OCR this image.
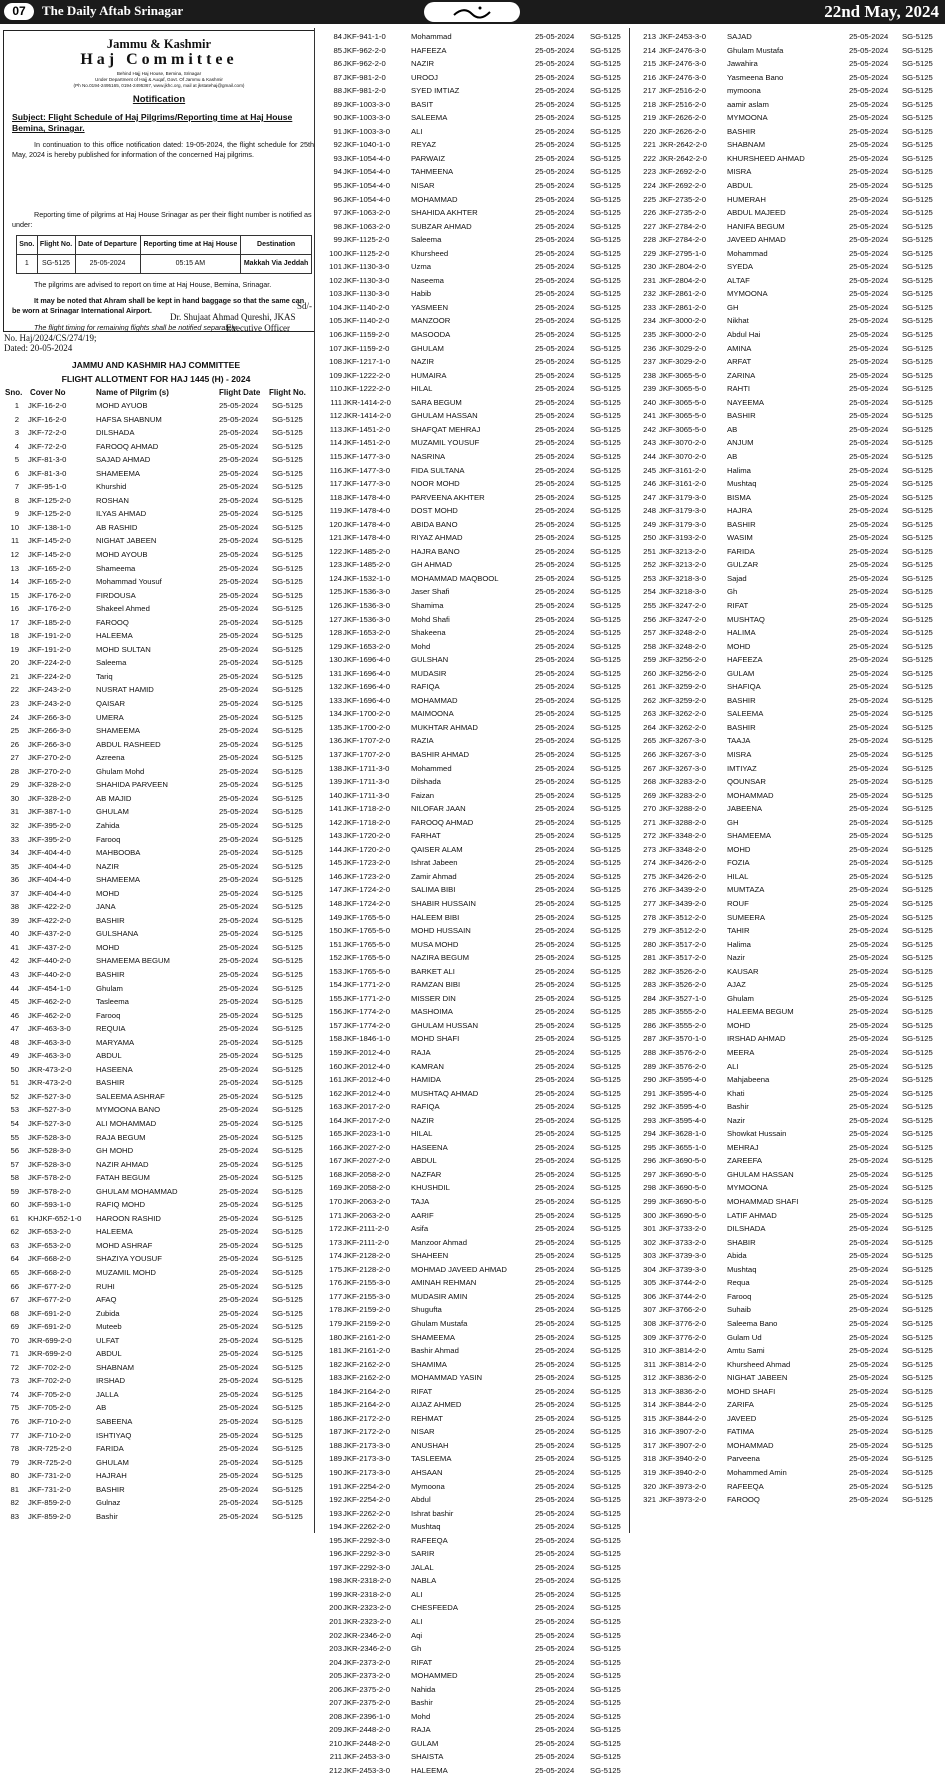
07	The Daily Aftab Srinagar	22nd May, 2024
Jammu & Kashmir
Haj Committee
Behind Hajj Haj House, Bemina, Srinagar
Under Department of Hajj & Auqaf, Govt. Of Jammu & Kashmir
(Ph No.0194-2495165, 0194-2495367, www.jkhc.org, mail at jkstatehaj@gmail.com)
Notification
Subject: Flight Schedule of Haj Pilgrims/Reporting time at Haj House Bemina, Srinagar.
In continuation to this office notification dated: 19-05-2024, the flight schedule for 25th May, 2024 is hereby published for information of the concerned Haj pilgrims.
Reporting time of pilgrims at Haj House Srinagar as per their flight number is notified as under:
Sno.	Flight No.	Date of Departure	Reporting time at Haj House	Destination
1	SG-5125	25-05-2024	05:15 AM	Makkah Via Jeddah
The pilgrims are advised to report on time at Haj House, Bemina, Srinagar.
It may be noted that Ahram shall be kept in hand baggage so that the same can be worn at Srinagar International Airport.
The flight timing for remaining flights shall be notified separately.
Sd/-
Dr. Shujaat Ahmad Qureshi, JKAS
Executive Officer
No. Haj/2024/CS/274/19;
Dated: 20-05-2024
JAMMU AND KASHMIR HAJ COMMITTEE
FLIGHT ALLOTMENT FOR HAJ 1445 (H) - 2024
Sno. Cover No	Name of Pilgrim (s)	Flight Date Flight No.
1 JKF-16-2-0	MOHD AYUOB	25-05-2024 SG-5125
2 JKF-16-2-0	HAFSA SHABNUM	25-05-2024 SG-5125
3 JKF-72-2-0	DILSHADA	25-05-2024 SG-5125
4 JKF-72-2-0	FAROOQ AHMAD	25-05-2024 SG-5125
5 JKF-81-3-0	SAJAD AHMAD	25-05-2024 SG-5125
6 JKF-81-3-0	SHAMEEMA	25-05-2024 SG-5125
7 JKF-95-1-0	Khurshid	25-05-2024 SG-5125
8 JKF-125-2-0	ROSHAN	25-05-2024 SG-5125
9 JKF-125-2-0	ILYAS AHMAD	25-05-2024 SG-5125
10 JKF-138-1-0	AB RASHID	25-05-2024 SG-5125
11 JKF-145-2-0	NIGHAT JABEEN	25-05-2024 SG-5125
12 JKF-145-2-0	MOHD AYOUB	25-05-2024 SG-5125
13 JKF-165-2-0	Shameema	25-05-2024 SG-5125
14 JKF-165-2-0	Mohammad Yousuf	25-05-2024 SG-5125
15 JKF-176-2-0	FIRDOUSA	25-05-2024 SG-5125
16 JKF-176-2-0	Shakeel Ahmed	25-05-2024 SG-5125
17 JKF-185-2-0	FAROOQ	25-05-2024 SG-5125
18 JKF-191-2-0	HALEEMA	25-05-2024 SG-5125
19 JKF-191-2-0	MOHD SULTAN	25-05-2024 SG-5125
20 JKF-224-2-0	Saleema	25-05-2024 SG-5125
21 JKF-224-2-0	Tariq	25-05-2024 SG-5125
22 JKF-243-2-0	NUSRAT HAMID	25-05-2024 SG-5125
23 JKF-243-2-0	QAISAR	25-05-2024 SG-5125
24 JKF-266-3-0	UMERA	25-05-2024 SG-5125
25 JKF-266-3-0	SHAMEEMA	25-05-2024 SG-5125
26 JKF-266-3-0	ABDUL RASHEED	25-05-2024 SG-5125
27 JKF-270-2-0	Azreena	25-05-2024 SG-5125
28 JKF-270-2-0	Ghulam Mohd	25-05-2024 SG-5125
29 JKF-328-2-0	SHAHIDA PARVEEN	25-05-2024 SG-5125
30 JKF-328-2-0	AB MAJID	25-05-2024 SG-5125
31 JKF-387-1-0	GHULAM	25-05-2024 SG-5125
32 JKF-395-2-0	Zahida	25-05-2024 SG-5125
33 JKF-395-2-0	Farooq	25-05-2024 SG-5125
34 JKF-404-4-0	MAHBOOBA	25-05-2024 SG-5125
35 JKF-404-4-0	NAZIR	25-05-2024 SG-5125
36 JKF-404-4-0	SHAMEEMA	25-05-2024 SG-5125
37 JKF-404-4-0	MOHD	25-05-2024 SG-5125
38 JKF-422-2-0	JANA	25-05-2024 SG-5125
39 JKF-422-2-0	BASHIR	25-05-2024 SG-5125
40 JKF-437-2-0	GULSHANA	25-05-2024 SG-5125
41 JKF-437-2-0	MOHD	25-05-2024 SG-5125
42 JKF-440-2-0	SHAMEEMA BEGUM	25-05-2024 SG-5125
43 JKF-440-2-0	BASHIR	25-05-2024 SG-5125
44 JKF-454-1-0	Ghulam	25-05-2024 SG-5125
45 JKF-462-2-0	Tasleema	25-05-2024 SG-5125
46 JKF-462-2-0	Farooq	25-05-2024 SG-5125
47 JKF-463-3-0	REQUIA	25-05-2024 SG-5125
48 JKF-463-3-0	MARYAMA	25-05-2024 SG-5125
49 JKF-463-3-0	ABDUL	25-05-2024 SG-5125
50 JKR-473-2-0	HASEENA	25-05-2024 SG-5125
51 JKR-473-2-0	BASHIR	25-05-2024 SG-5125
52 JKF-527-3-0	SALEEMA ASHRAF	25-05-2024 SG-5125
53 JKF-527-3-0	MYMOONA BANO	25-05-2024 SG-5125
54 JKF-527-3-0	ALI MOHAMMAD	25-05-2024 SG-5125
55 JKF-528-3-0	RAJA BEGUM	25-05-2024 SG-5125
56 JKF-528-3-0	GH MOHD	25-05-2024 SG-5125
57 JKF-528-3-0	NAZIR AHMAD	25-05-2024 SG-5125
58 JKF-578-2-0	FATAH BEGUM	25-05-2024 SG-5125
59 JKF-578-2-0	GHULAM MOHAMMAD	25-05-2024 SG-5125
60 JKF-593-1-0	RAFIQ MOHD	25-05-2024 SG-5125
61 KHJKF-652-1-0 HAROON RASHID	25-05-2024 SG-5125
62 JKF-653-2-0	HALEEMA	25-05-2024 SG-5125
63 JKF-653-2-0	MOHD ASHRAF	25-05-2024 SG-5125
64 JKF-668-2-0	SHAZIYA YOUSUF	25-05-2024 SG-5125
65 JKF-668-2-0	MUZAMIL MOHD	25-05-2024 SG-5125
66 JKF-677-2-0	RUHI	25-05-2024 SG-5125
67 JKF-677-2-0	AFAQ	25-05-2024 SG-5125
68 JKF-691-2-0	Zubida	25-05-2024 SG-5125
69 JKF-691-2-0	Muteeb	25-05-2024 SG-5125
70 JKR-699-2-0	ULFAT	25-05-2024 SG-5125
71 JKR-699-2-0	ABDUL	25-05-2024 SG-5125
72 JKF-702-2-0	SHABNAM	25-05-2024 SG-5125
73 JKF-702-2-0	IRSHAD	25-05-2024 SG-5125
74 JKF-705-2-0	JALLA	25-05-2024 SG-5125
75 JKF-705-2-0	AB	25-05-2024 SG-5125
76 JKF-710-2-0	SABEENA	25-05-2024 SG-5125
77 JKF-710-2-0	ISHTIYAQ	25-05-2024 SG-5125
78 JKR-725-2-0	FARIDA	25-05-2024 SG-5125
79 JKR-725-2-0	GHULAM	25-05-2024 SG-5125
80 JKF-731-2-0	HAJRAH	25-05-2024 SG-5125
81 JKF-731-2-0	BASHIR	25-05-2024 SG-5125
82 JKF-859-2-0	Gulnaz	25-05-2024 SG-5125
83 JKF-859-2-0	Bashir	25-05-2024 SG-5125
84 JKF-941-1-0	Mohammad	25-05-2024 SG-5125
85 JKF-962-2-0	HAFEEZA	25-05-2024 SG-5125
86 JKF-962-2-0	NAZIR	25-05-2024 SG-5125
87 JKF-981-2-0	UROOJ	25-05-2024 SG-5125
88 JKF-981-2-0	SYED IMTIAZ	25-05-2024 SG-5125
89 JKF-1003-3-0	BASIT	25-05-2024 SG-5125
90 JKF-1003-3-0	SALEEMA	25-05-2024 SG-5125
91 JKF-1003-3-0	ALI	25-05-2024 SG-5125
92 JKF-1040-1-0	REYAZ	25-05-2024 SG-5125
93 JKF-1054-4-0	PARWAIZ	25-05-2024 SG-5125
94 JKF-1054-4-0	TAHMEENA	25-05-2024 SG-5125
95 JKF-1054-4-0	NISAR	25-05-2024 SG-5125
96 JKF-1054-4-0	MOHAMMAD	25-05-2024 SG-5125
97 JKF-1063-2-0	SHAHIDA AKHTER	25-05-2024 SG-5125
98 JKF-1063-2-0	SUBZAR AHMAD	25-05-2024 SG-5125
99 JKF-1125-2-0	Saleema	25-05-2024 SG-5125
100 JKF-1125-2-0	Khursheed	25-05-2024 SG-5125
101 JKF-1130-3-0	Uzma	25-05-2024 SG-5125
102 JKF-1130-3-0	Naseema	25-05-2024 SG-5125
103 JKF-1130-3-0	Habib	25-05-2024 SG-5125
104 JKF-1140-2-0	YASMEEN	25-05-2024 SG-5125
105 JKF-1140-2-0	MANZOOR	25-05-2024 SG-5125
106 JKF-1159-2-0	MASOODA	25-05-2024 SG-5125
107 JKF-1159-2-0	GHULAM	25-05-2024 SG-5125
108 JKF-1217-1-0	NAZIR	25-05-2024 SG-5125
109 JKF-1222-2-0	HUMAIRA	25-05-2024 SG-5125
110 JKF-1222-2-0	HILAL	25-05-2024 SG-5125
111 JKR-1414-2-0	SARA BEGUM	25-05-2024 SG-5125
112 JKR-1414-2-0	GHULAM HASSAN	25-05-2024 SG-5125
113 JKF-1451-2-0	SHAFQAT MEHRAJ	25-05-2024 SG-5125
114 JKF-1451-2-0	MUZAMIL YOUSUF	25-05-2024 SG-5125
115 JKF-1477-3-0	NASRINA	25-05-2024 SG-5125
116 JKF-1477-3-0	FIDA SULTANA	25-05-2024 SG-5125
117 JKF-1477-3-0	NOOR MOHD	25-05-2024 SG-5125
118 JKF-1478-4-0	PARVEENA AKHTER	25-05-2024 SG-5125
119 JKF-1478-4-0	DOST MOHD	25-05-2024 SG-5125
120 JKF-1478-4-0	ABIDA BANO	25-05-2024 SG-5125
121 JKF-1478-4-0	RIYAZ AHMAD	25-05-2024 SG-5125
122 JKF-1485-2-0	HAJRA BANO	25-05-2024 SG-5125
123 JKF-1485-2-0	GH AHMAD	25-05-2024 SG-5125
124 JKF-1532-1-0	MOHAMMAD MAQBOOL	25-05-2024 SG-5125
125 JKF-1536-3-0	Jaser Shafi	25-05-2024 SG-5125
126 JKF-1536-3-0	Shamima	25-05-2024 SG-5125
127 JKF-1536-3-0	Mohd Shafi	25-05-2024 SG-5125
128 JKF-1653-2-0	Shakeena	25-05-2024 SG-5125
129 JKF-1653-2-0	Mohd	25-05-2024 SG-5125
130 JKF-1696-4-0	GULSHAN	25-05-2024 SG-5125
131 JKF-1696-4-0	MUDASIR	25-05-2024 SG-5125
132 JKF-1696-4-0	RAFIQA	25-05-2024 SG-5125
133 JKF-1696-4-0	MOHAMMAD	25-05-2024 SG-5125
134 JKF-1700-2-0	MAIMOONA	25-05-2024 SG-5125
135 JKF-1700-2-0	MUKHTAR AHMAD	25-05-2024 SG-5125
136 JKF-1707-2-0	RAZIA	25-05-2024 SG-5125
137 JKF-1707-2-0	BASHIR AHMAD	25-05-2024 SG-5125
138 JKF-1711-3-0	Mohammed	25-05-2024 SG-5125
139 JKF-1711-3-0	Dilshada	25-05-2024 SG-5125
140 JKF-1711-3-0	Faizan	25-05-2024 SG-5125
141 JKF-1718-2-0	NILOFAR JAAN	25-05-2024 SG-5125
142 JKF-1718-2-0	FAROOQ AHMAD	25-05-2024 SG-5125
143 JKF-1720-2-0	FARHAT	25-05-2024 SG-5125
144 JKF-1720-2-0	QAISER ALAM	25-05-2024 SG-5125
145 JKF-1723-2-0	Ishrat Jabeen	25-05-2024 SG-5125
146 JKF-1723-2-0	Zamir Ahmad	25-05-2024 SG-5125
147 JKF-1724-2-0	SALIMA BIBI	25-05-2024 SG-5125
148 JKF-1724-2-0	SHABIR HUSSAIN	25-05-2024 SG-5125
149 JKF-1765-5-0	HALEEM BIBI	25-05-2024 SG-5125
150 JKF-1765-5-0	MOHD HUSSAIN	25-05-2024 SG-5125
151 JKF-1765-5-0	MUSA MOHD	25-05-2024 SG-5125
152 JKF-1765-5-0	NAZIRA BEGUM	25-05-2024 SG-5125
153 JKF-1765-5-0	BARKET ALI	25-05-2024 SG-5125
154 JKF-1771-2-0	RAMZAN BIBI	25-05-2024 SG-5125
155 JKF-1771-2-0	MISSER DIN	25-05-2024 SG-5125
156 JKF-1774-2-0	MASHOIMA	25-05-2024 SG-5125
157 JKF-1774-2-0	GHULAM HUSSAN	25-05-2024 SG-5125
158 JKF-1846-1-0	MOHD SHAFI	25-05-2024 SG-5125
159 JKF-2012-4-0	RAJA	25-05-2024 SG-5125
160 JKF-2012-4-0	KAMRAN	25-05-2024 SG-5125
161 JKF-2012-4-0	HAMIDA	25-05-2024 SG-5125
162 JKF-2012-4-0	MUSHTAQ AHMAD	25-05-2024 SG-5125
163 JKF-2017-2-0	RAFIQA	25-05-2024 SG-5125
164 JKF-2017-2-0	NAZIR	25-05-2024 SG-5125
165 JKF-2023-1-0	HILAL	25-05-2024 SG-5125
166 JKF-2027-2-0	HASEENA	25-05-2024 SG-5125
167 JKF-2027-2-0	ABDUL	25-05-2024 SG-5125
168 JKF-2058-2-0	NAZFAR	25-05-2024 SG-5125
169 JKF-2058-2-0	KHUSHDIL	25-05-2024 SG-5125
170 JKF-2063-2-0	TAJA	25-05-2024 SG-5125
171 JKF-2063-2-0	AARIF	25-05-2024 SG-5125
172 JKF-2111-2-0	Asifa	25-05-2024 SG-5125
173 JKF-2111-2-0	Manzoor Ahmad	25-05-2024 SG-5125
174 JKF-2128-2-0	SHAHEEN	25-05-2024 SG-5125
175 JKF-2128-2-0	MOHMAD JAVEED AHMAD	25-05-2024 SG-5125
176 JKF-2155-3-0	AMINAH REHMAN	25-05-2024 SG-5125
177 JKF-2155-3-0	MUDASIR AMIN	25-05-2024 SG-5125
178 JKF-2159-2-0	Shugufta	25-05-2024 SG-5125
179 JKF-2159-2-0	Ghulam Mustafa	25-05-2024 SG-5125
180 JKF-2161-2-0	SHAMEEMA	25-05-2024 SG-5125
181 JKF-2161-2-0	Bashir Ahmad	25-05-2024 SG-5125
182 JKF-2162-2-0	SHAMIMA	25-05-2024 SG-5125
183 JKF-2162-2-0	MOHAMMAD YASIN	25-05-2024 SG-5125
184 JKF-2164-2-0	RIFAT	25-05-2024 SG-5125
185 JKF-2164-2-0	AIJAZ AHMED	25-05-2024 SG-5125
186 JKF-2172-2-0	REHMAT	25-05-2024 SG-5125
187 JKF-2172-2-0	NISAR	25-05-2024 SG-5125
188 JKF-2173-3-0	ANUSHAH	25-05-2024 SG-5125
189 JKF-2173-3-0	TASLEEMA	25-05-2024 SG-5125
190 JKF-2173-3-0	AHSAAN	25-05-2024 SG-5125
191 JKF-2254-2-0	Mymoona	25-05-2024 SG-5125
192 JKF-2254-2-0	Abdul	25-05-2024 SG-5125
193 JKF-2262-2-0	Ishrat bashir	25-05-2024 SG-5125
194 JKF-2262-2-0	Mushtaq	25-05-2024 SG-5125
195 JKF-2292-3-0	RAFEEQA	25-05-2024 SG-5125
196 JKF-2292-3-0	SARIR	25-05-2024 SG-5125
197 JKF-2292-3-0	JALAL	25-05-2024 SG-5125
198 JKR-2318-2-0	NABLA	25-05-2024 SG-5125
199 JKR-2318-2-0	ALI	25-05-2024 SG-5125
200 JKR-2323-2-0	CHESFEEDA	25-05-2024 SG-5125
201 JKR-2323-2-0	ALI	25-05-2024 SG-5125
202 JKR-2346-2-0	Aqi	25-05-2024 SG-5125
203 JKR-2346-2-0	Gh	25-05-2024 SG-5125
204 JKF-2373-2-0	RIFAT	25-05-2024 SG-5125
205 JKF-2373-2-0	MOHAMMED	25-05-2024 SG-5125
206 JKF-2375-2-0	Nahida	25-05-2024 SG-5125
207 JKF-2375-2-0	Bashir	25-05-2024 SG-5125
208 JKF-2396-1-0	Mohd	25-05-2024 SG-5125
209 JKF-2448-2-0	RAJA	25-05-2024 SG-5125
210 JKF-2448-2-0	GULAM	25-05-2024 SG-5125
211 JKF-2453-3-0	SHAISTA	25-05-2024 SG-5125
212 JKF-2453-3-0	HALEEMA	25-05-2024 SG-5125
213 JKF-2453-3-0	SAJAD	25-05-2024 SG-5125
214 JKF-2476-3-0	Ghulam Mustafa	25-05-2024 SG-5125
215 JKF-2476-3-0	Jawahira	25-05-2024 SG-5125
216 JKF-2476-3-0	Yasmeena Bano	25-05-2024 SG-5125
217 JKF-2516-2-0	mymoona	25-05-2024 SG-5125
218 JKF-2516-2-0	aamir aslam	25-05-2024 SG-5125
219 JKF-2626-2-0	MYMOONA	25-05-2024 SG-5125
220 JKF-2626-2-0	BASHIR	25-05-2024 SG-5125
221 JKR-2642-2-0	SHABNAM	25-05-2024 SG-5125
222 JKR-2642-2-0	KHURSHEED AHMAD	25-05-2024 SG-5125
223 JKF-2692-2-0	MISRA	25-05-2024 SG-5125
224 JKF-2692-2-0	ABDUL	25-05-2024 SG-5125
225 JKF-2735-2-0	HUMERAH	25-05-2024 SG-5125
226 JKF-2735-2-0	ABDUL MAJEED	25-05-2024 SG-5125
227 JKF-2784-2-0	HANIFA BEGUM	25-05-2024 SG-5125
228 JKF-2784-2-0	JAVEED AHMAD	25-05-2024 SG-5125
229 JKF-2795-1-0	Mohammad	25-05-2024 SG-5125
230 JKF-2804-2-0	SYEDA	25-05-2024 SG-5125
231 JKF-2804-2-0	ALTAF	25-05-2024 SG-5125
232 JKF-2861-2-0	MYMOONA	25-05-2024 SG-5125
233 JKF-2861-2-0	GH	25-05-2024 SG-5125
234 JKF-3000-2-0	Nikhat	25-05-2024 SG-5125
235 JKF-3000-2-0	Abdul Hai	25-05-2024 SG-5125
236 JKF-3029-2-0	AMINA	25-05-2024 SG-5125
237 JKF-3029-2-0	ARFAT	25-05-2024 SG-5125
238 JKF-3065-5-0	ZARINA	25-05-2024 SG-5125
239 JKF-3065-5-0	RAHTI	25-05-2024 SG-5125
240 JKF-3065-5-0	NAYEEMA	25-05-2024 SG-5125
241 JKF-3065-5-0	BASHIR	25-05-2024 SG-5125
242 JKF-3065-5-0	AB	25-05-2024 SG-5125
243 JKF-3070-2-0	ANJUM	25-05-2024 SG-5125
244 JKF-3070-2-0	AB	25-05-2024 SG-5125
245 JKF-3161-2-0	Halima	25-05-2024 SG-5125
246 JKF-3161-2-0	Mushtaq	25-05-2024 SG-5125
247 JKF-3179-3-0	BISMA	25-05-2024 SG-5125
248 JKF-3179-3-0	HAJRA	25-05-2024 SG-5125
249 JKF-3179-3-0	BASHIR	25-05-2024 SG-5125
250 JKF-3193-2-0	WASIM	25-05-2024 SG-5125
251 JKF-3213-2-0	FARIDA	25-05-2024 SG-5125
252 JKF-3213-2-0	GULZAR	25-05-2024 SG-5125
253 JKF-3218-3-0	Sajad	25-05-2024 SG-5125
254 JKF-3218-3-0	Gh	25-05-2024 SG-5125
255 JKF-3247-2-0	RIFAT	25-05-2024 SG-5125
256 JKF-3247-2-0	MUSHTAQ	25-05-2024 SG-5125
257 JKF-3248-2-0	HALIMA	25-05-2024 SG-5125
258 JKF-3248-2-0	MOHD	25-05-2024 SG-5125
259 JKF-3256-2-0	HAFEEZA	25-05-2024 SG-5125
260 JKF-3256-2-0	GULAM	25-05-2024 SG-5125
261 JKF-3259-2-0	SHAFIQA	25-05-2024 SG-5125
262 JKF-3259-2-0	BASHIR	25-05-2024 SG-5125
263 JKF-3262-2-0	SALEEMA	25-05-2024 SG-5125
264 JKF-3262-2-0	BASHIR	25-05-2024 SG-5125
265 JKF-3267-3-0	TAAJA	25-05-2024 SG-5125
266 JKF-3267-3-0	MISRA	25-05-2024 SG-5125
267 JKF-3267-3-0	IMTIYAZ	25-05-2024 SG-5125
268 JKF-3283-2-0	QOUNSAR	25-05-2024 SG-5125
269 JKF-3283-2-0	MOHAMMAD	25-05-2024 SG-5125
270 JKF-3288-2-0	JABEENA	25-05-2024 SG-5125
271 JKF-3288-2-0	GH	25-05-2024 SG-5125
272 JKF-3348-2-0	SHAMEEMA	25-05-2024 SG-5125
273 JKF-3348-2-0	MOHD	25-05-2024 SG-5125
274 JKF-3426-2-0	FOZIA	25-05-2024 SG-5125
275 JKF-3426-2-0	HILAL	25-05-2024 SG-5125
276 JKF-3439-2-0	MUMTAZA	25-05-2024 SG-5125
277 JKF-3439-2-0	ROUF	25-05-2024 SG-5125
278 JKF-3512-2-0	SUMEERA	25-05-2024 SG-5125
279 JKF-3512-2-0	TAHIR	25-05-2024 SG-5125
280 JKF-3517-2-0	Halima	25-05-2024 SG-5125
281 JKF-3517-2-0	Nazir	25-05-2024 SG-5125
282 JKF-3526-2-0	KAUSAR	25-05-2024 SG-5125
283 JKF-3526-2-0	AJAZ	25-05-2024 SG-5125
284 JKF-3527-1-0	Ghulam	25-05-2024 SG-5125
285 JKF-3555-2-0	HALEEMA BEGUM	25-05-2024 SG-5125
286 JKF-3555-2-0	MOHD	25-05-2024 SG-5125
287 JKF-3570-1-0	IRSHAD AHMAD	25-05-2024 SG-5125
288 JKF-3576-2-0	MEERA	25-05-2024 SG-5125
289 JKF-3576-2-0	ALI	25-05-2024 SG-5125
290 JKF-3595-4-0	Mahjabeena	25-05-2024 SG-5125
291 JKF-3595-4-0	Khati	25-05-2024 SG-5125
292 JKF-3595-4-0	Bashir	25-05-2024 SG-5125
293 JKF-3595-4-0	Nazir	25-05-2024 SG-5125
294 JKF-3628-1-0	Showkat Hussain	25-05-2024 SG-5125
295 JKF-3655-1-0	MEHRAJ	25-05-2024 SG-5125
296 JKF-3690-5-0	ZAREEFA	25-05-2024 SG-5125
297 JKF-3690-5-0	GHULAM HASSAN	25-05-2024 SG-5125
298 JKF-3690-5-0	MYMOONA	25-05-2024 SG-5125
299 JKF-3690-5-0	MOHAMMAD SHAFI	25-05-2024 SG-5125
300 JKF-3690-5-0	LATIF AHMAD	25-05-2024 SG-5125
301 JKF-3733-2-0	DILSHADA	25-05-2024 SG-5125
302 JKF-3733-2-0	SHABIR	25-05-2024 SG-5125
303 JKF-3739-3-0	Abida	25-05-2024 SG-5125
304 JKF-3739-3-0	Mushtaq	25-05-2024 SG-5125
305 JKF-3744-2-0	Requa	25-05-2024 SG-5125
306 JKF-3744-2-0	Farooq	25-05-2024 SG-5125
307 JKF-3766-2-0	Suhaib	25-05-2024 SG-5125
308 JKF-3776-2-0	Saleema Bano	25-05-2024 SG-5125
309 JKF-3776-2-0	Gulam Ud	25-05-2024 SG-5125
310 JKF-3814-2-0	Amtu Sami	25-05-2024 SG-5125
311 JKF-3814-2-0	Khursheed Ahmad	25-05-2024 SG-5125
312 JKF-3836-2-0	NIGHAT JABEEN	25-05-2024 SG-5125
313 JKF-3836-2-0	MOHD SHAFI	25-05-2024 SG-5125
314 JKF-3844-2-0	ZARIFA	25-05-2024 SG-5125
315 JKF-3844-2-0	JAVEED	25-05-2024 SG-5125
316 JKF-3907-2-0	FATIMA	25-05-2024 SG-5125
317 JKF-3907-2-0	MOHAMMAD	25-05-2024 SG-5125
318 JKF-3940-2-0	Parveena	25-05-2024 SG-5125
319 JKF-3940-2-0	Mohammed Amin	25-05-2024 SG-5125
320 JKF-3973-2-0	RAFEEQA	25-05-2024 SG-5125
321 JKF-3973-2-0	FAROOQ	25-05-2024 SG-5125
